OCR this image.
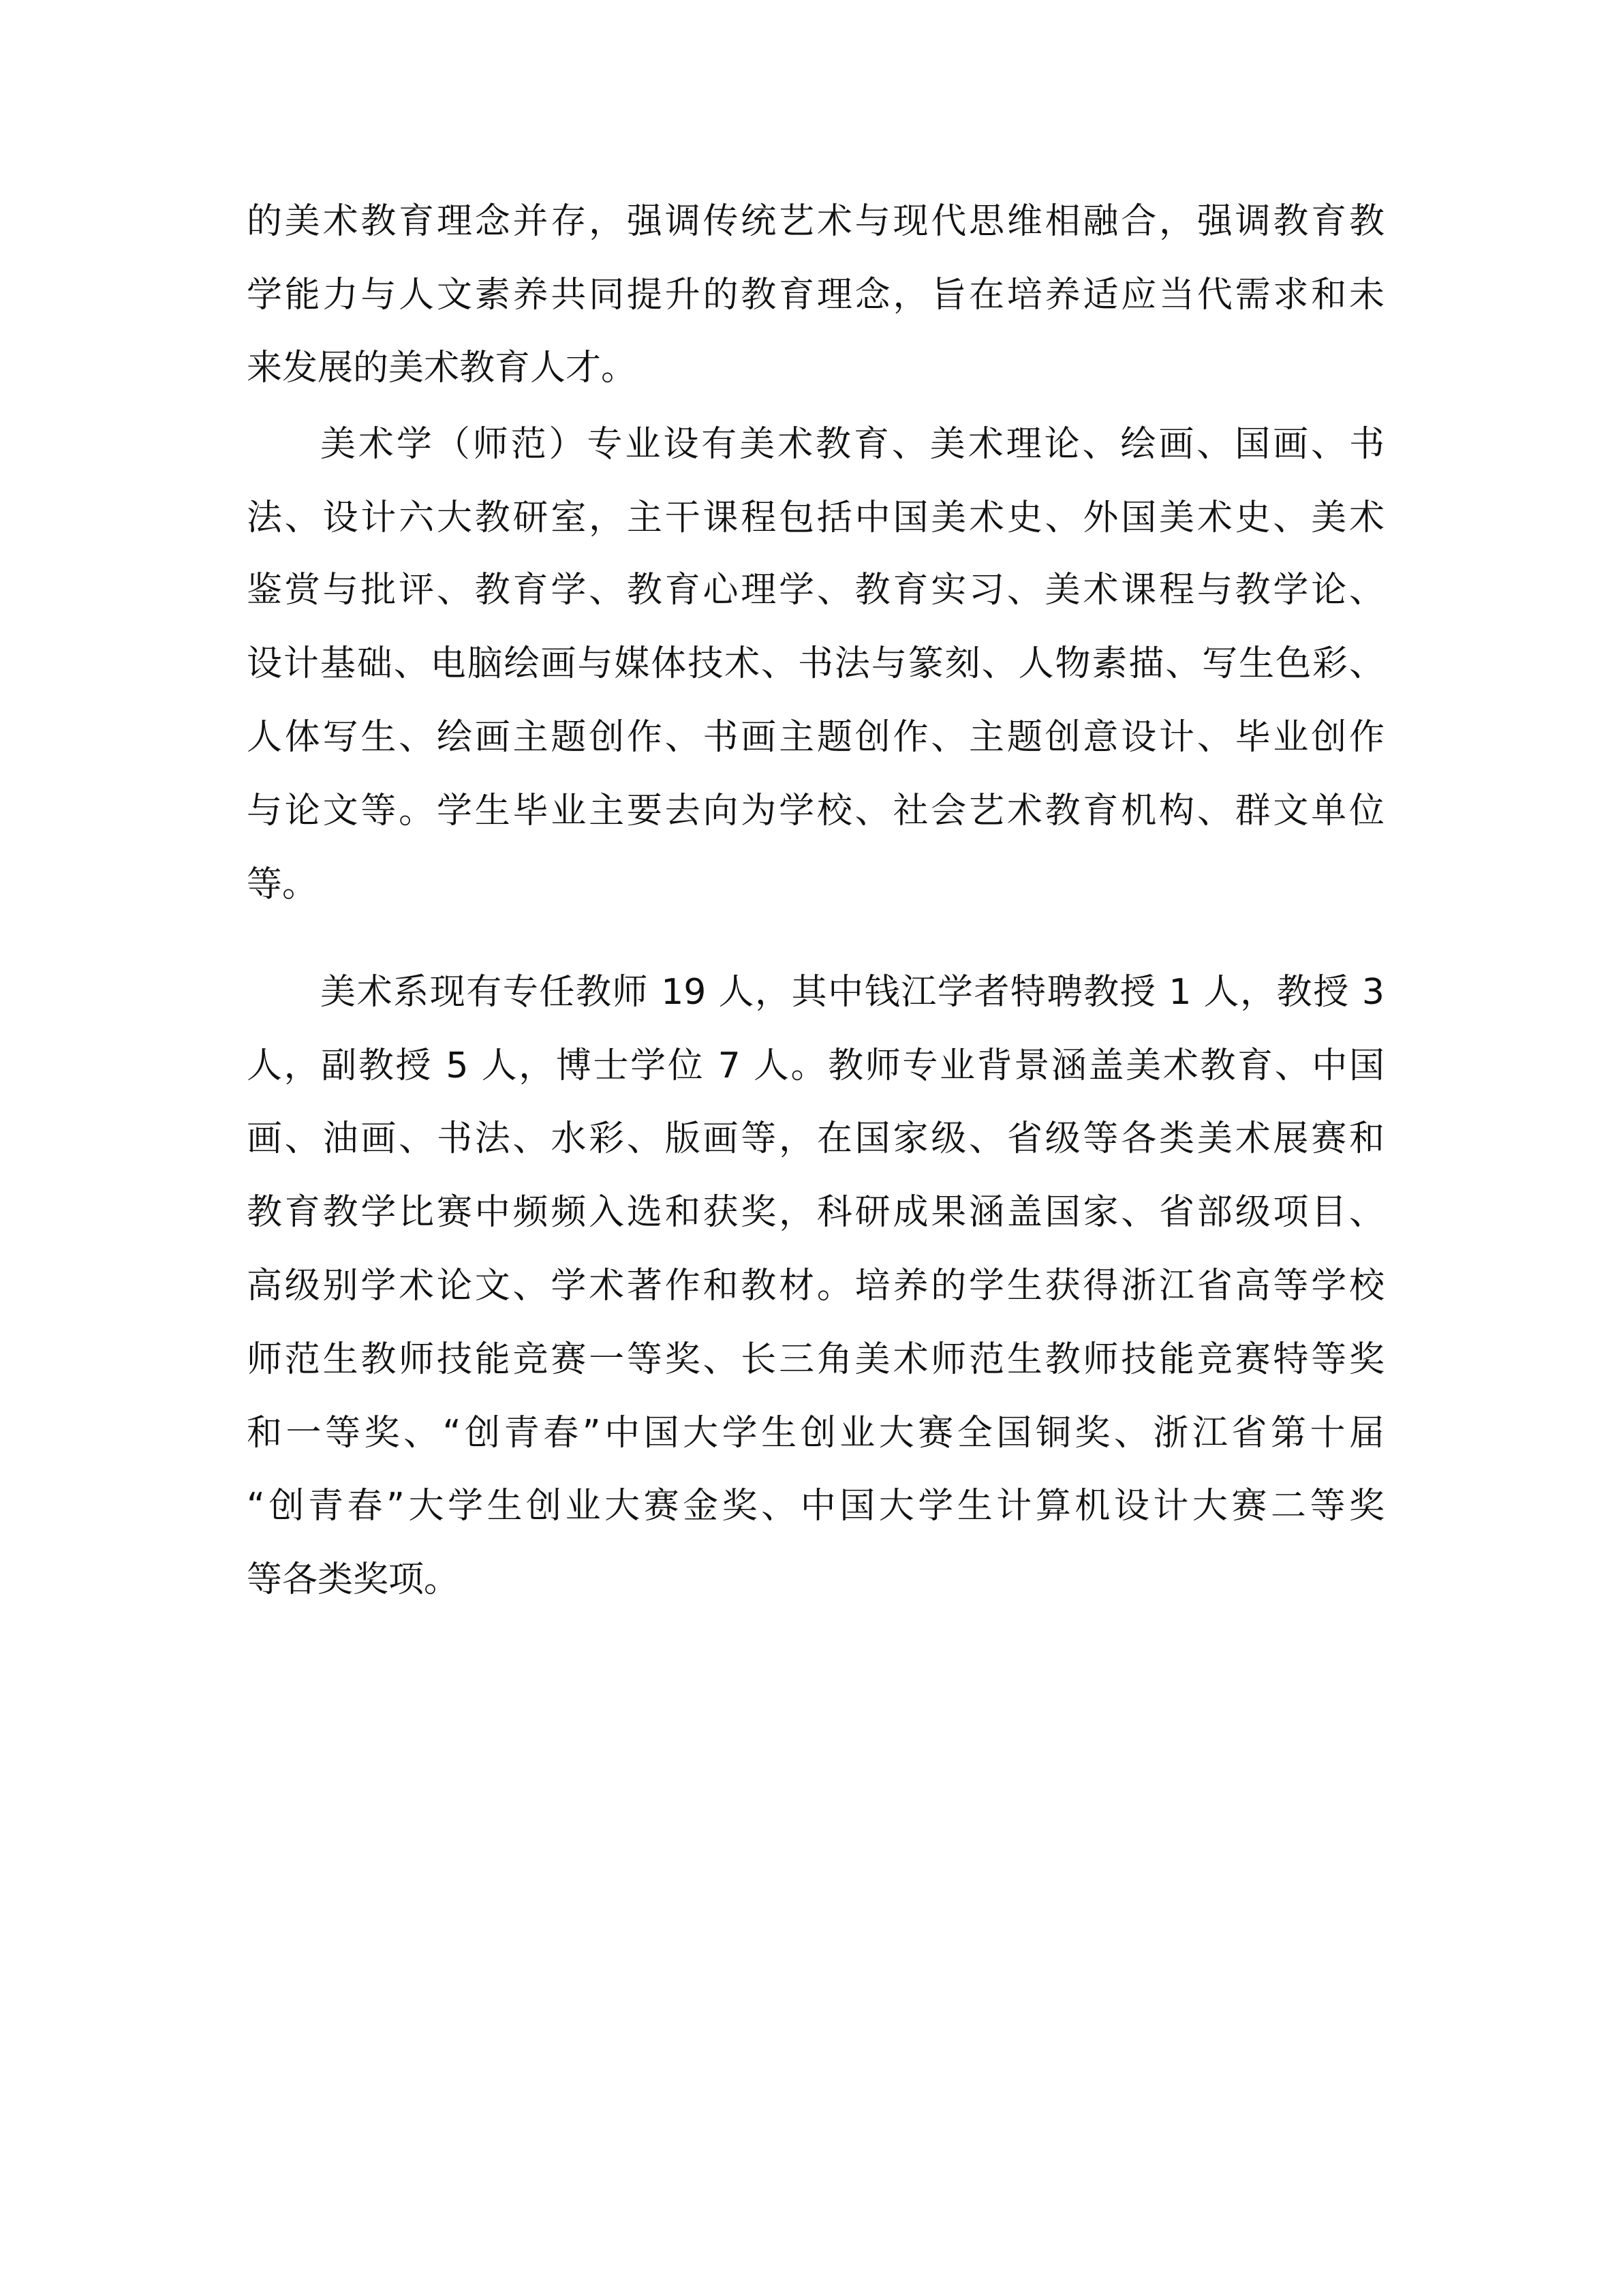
的美术教育理念并存，强调传统艺术与现代思维相融合，强调教育教
学能力与人文素养共同提升的教育理念，旨在培养适应当代需求和未
来发展的美术教育人才。
美术学（师范）专业设有美术教育、美术理论、绘画、国画、书
法、设计六大教研室，主干课程包括中国美术史、外国美术史、美术
鉴赏与批评、教育学、教育心理学、教育实习、美术课程与教学论、
设计基础、电脑绘画与媒体技术、书法与篆刻、人物素描、写生色彩、
人体写生、绘画主题创作、书画主题创作、主题创意设计、毕业创作
与论文等。学生毕业主要去向为学校、社会艺术教育机构、群文单位
等。
美术系现有专任教师 19 人，其中钱江学者特聘教授 1 人，教授 3
人，副教授 5 人，博士学位 7 人。教师专业背景涵盖美术教育、中国
画、油画、书法、水彩、版画等，在国家级、省级等各类美术展赛和
教育教学比赛中频频入选和获奖，科研成果涵盖国家、省部级项目、
高级别学术论文、学术著作和教材。培养的学生获得浙江省高等学校
师范生教师技能竞赛一等奖、长三角美术师范生教师技能竞赛特等奖
和一等奖、“创青春”中国大学生创业大赛全国铜奖、浙江省第十届
“创青春”大学生创业大赛金奖、中国大学生计算机设计大赛二等奖
等各类奖项。
